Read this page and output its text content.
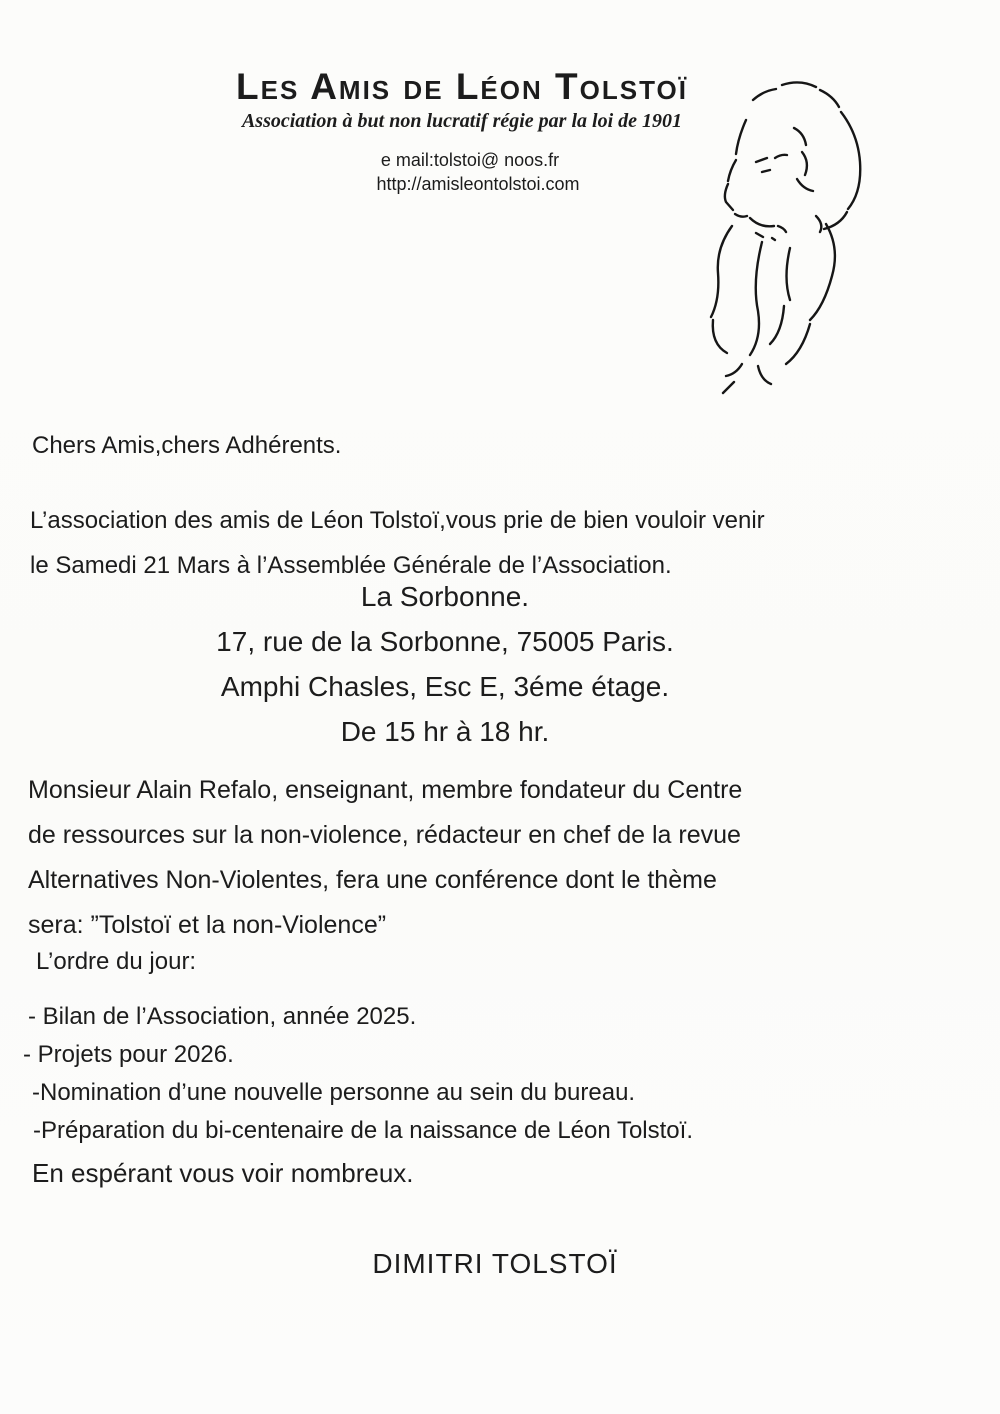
Les Amis de Léon Tolstoï
Association à but non lucratif régie par la loi de 1901
e mail:tolstoi@ noos.fr
http://amisleontolstoi.com
Chers Amis,chers Adhérents.
L’association des amis de Léon Tolstoï,vous prie de bien vouloir venir
le Samedi 21 Mars à l’Assemblée Générale de l’Association.
La Sorbonne.
17, rue de la Sorbonne, 75005 Paris.
Amphi Chasles, Esc E, 3éme étage.
De 15 hr à 18 hr.
Monsieur Alain Refalo, enseignant, membre fondateur du Centre
de ressources sur la non-violence, rédacteur en chef de la revue
Alternatives Non-Violentes, fera une conférence dont le thème
sera: ”Tolstoï et la non-Violence”
L’ordre du jour:
- Bilan de l’Association, année 2025.
- Projets pour 2026.
-Nomination d’une nouvelle personne au sein du bureau.
-Préparation du bi-centenaire de la naissance de Léon Tolstoï.
En espérant vous voir nombreux.
DIMITRI TOLSTOÏ
